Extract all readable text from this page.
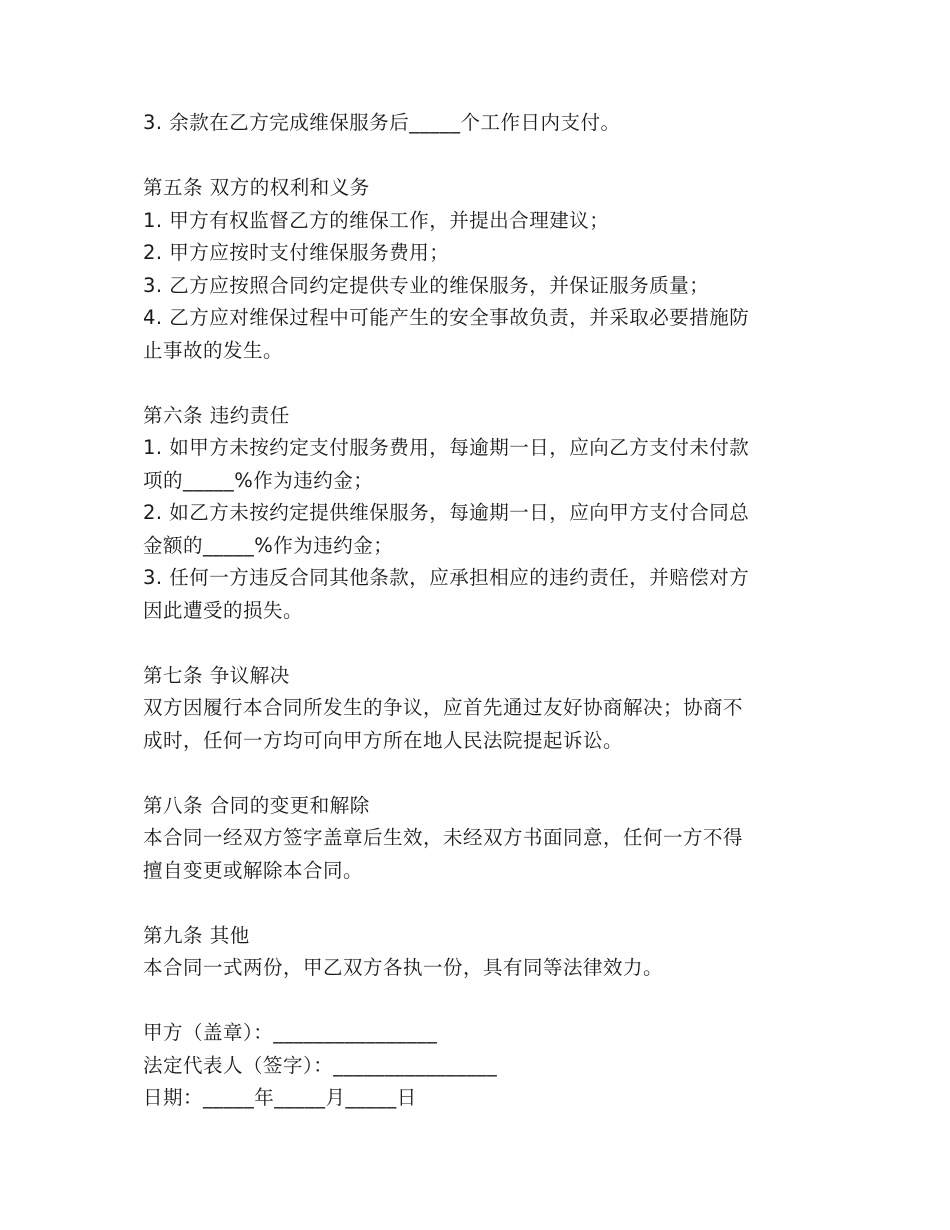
3. 余款在乙方完成维保服务后_____个工作日内支付。
第五条 双方的权利和义务
1. 甲方有权监督乙方的维保工作，并提出合理建议；
2. 甲方应按时支付维保服务费用；
3. 乙方应按照合同约定提供专业的维保服务，并保证服务质量；
4. 乙方应对维保过程中可能产生的安全事故负责，并采取必要措施防
止事故的发生。
第六条 违约责任
1. 如甲方未按约定支付服务费用，每逾期一日，应向乙方支付未付款
项的_____%作为违约金；
2. 如乙方未按约定提供维保服务，每逾期一日，应向甲方支付合同总
金额的_____%作为违约金；
3. 任何一方违反合同其他条款，应承担相应的违约责任，并赔偿对方
因此遭受的损失。
第七条 争议解决
双方因履行本合同所发生的争议，应首先通过友好协商解决；协商不
成时，任何一方均可向甲方所在地人民法院提起诉讼。
第八条 合同的变更和解除
本合同一经双方签字盖章后生效，未经双方书面同意，任何一方不得
擅自变更或解除本合同。
第九条 其他
本合同一式两份，甲乙双方各执一份，具有同等法律效力。
甲方（盖章）：________________
法定代表人（签字）：________________
日期：_____年_____月_____日
